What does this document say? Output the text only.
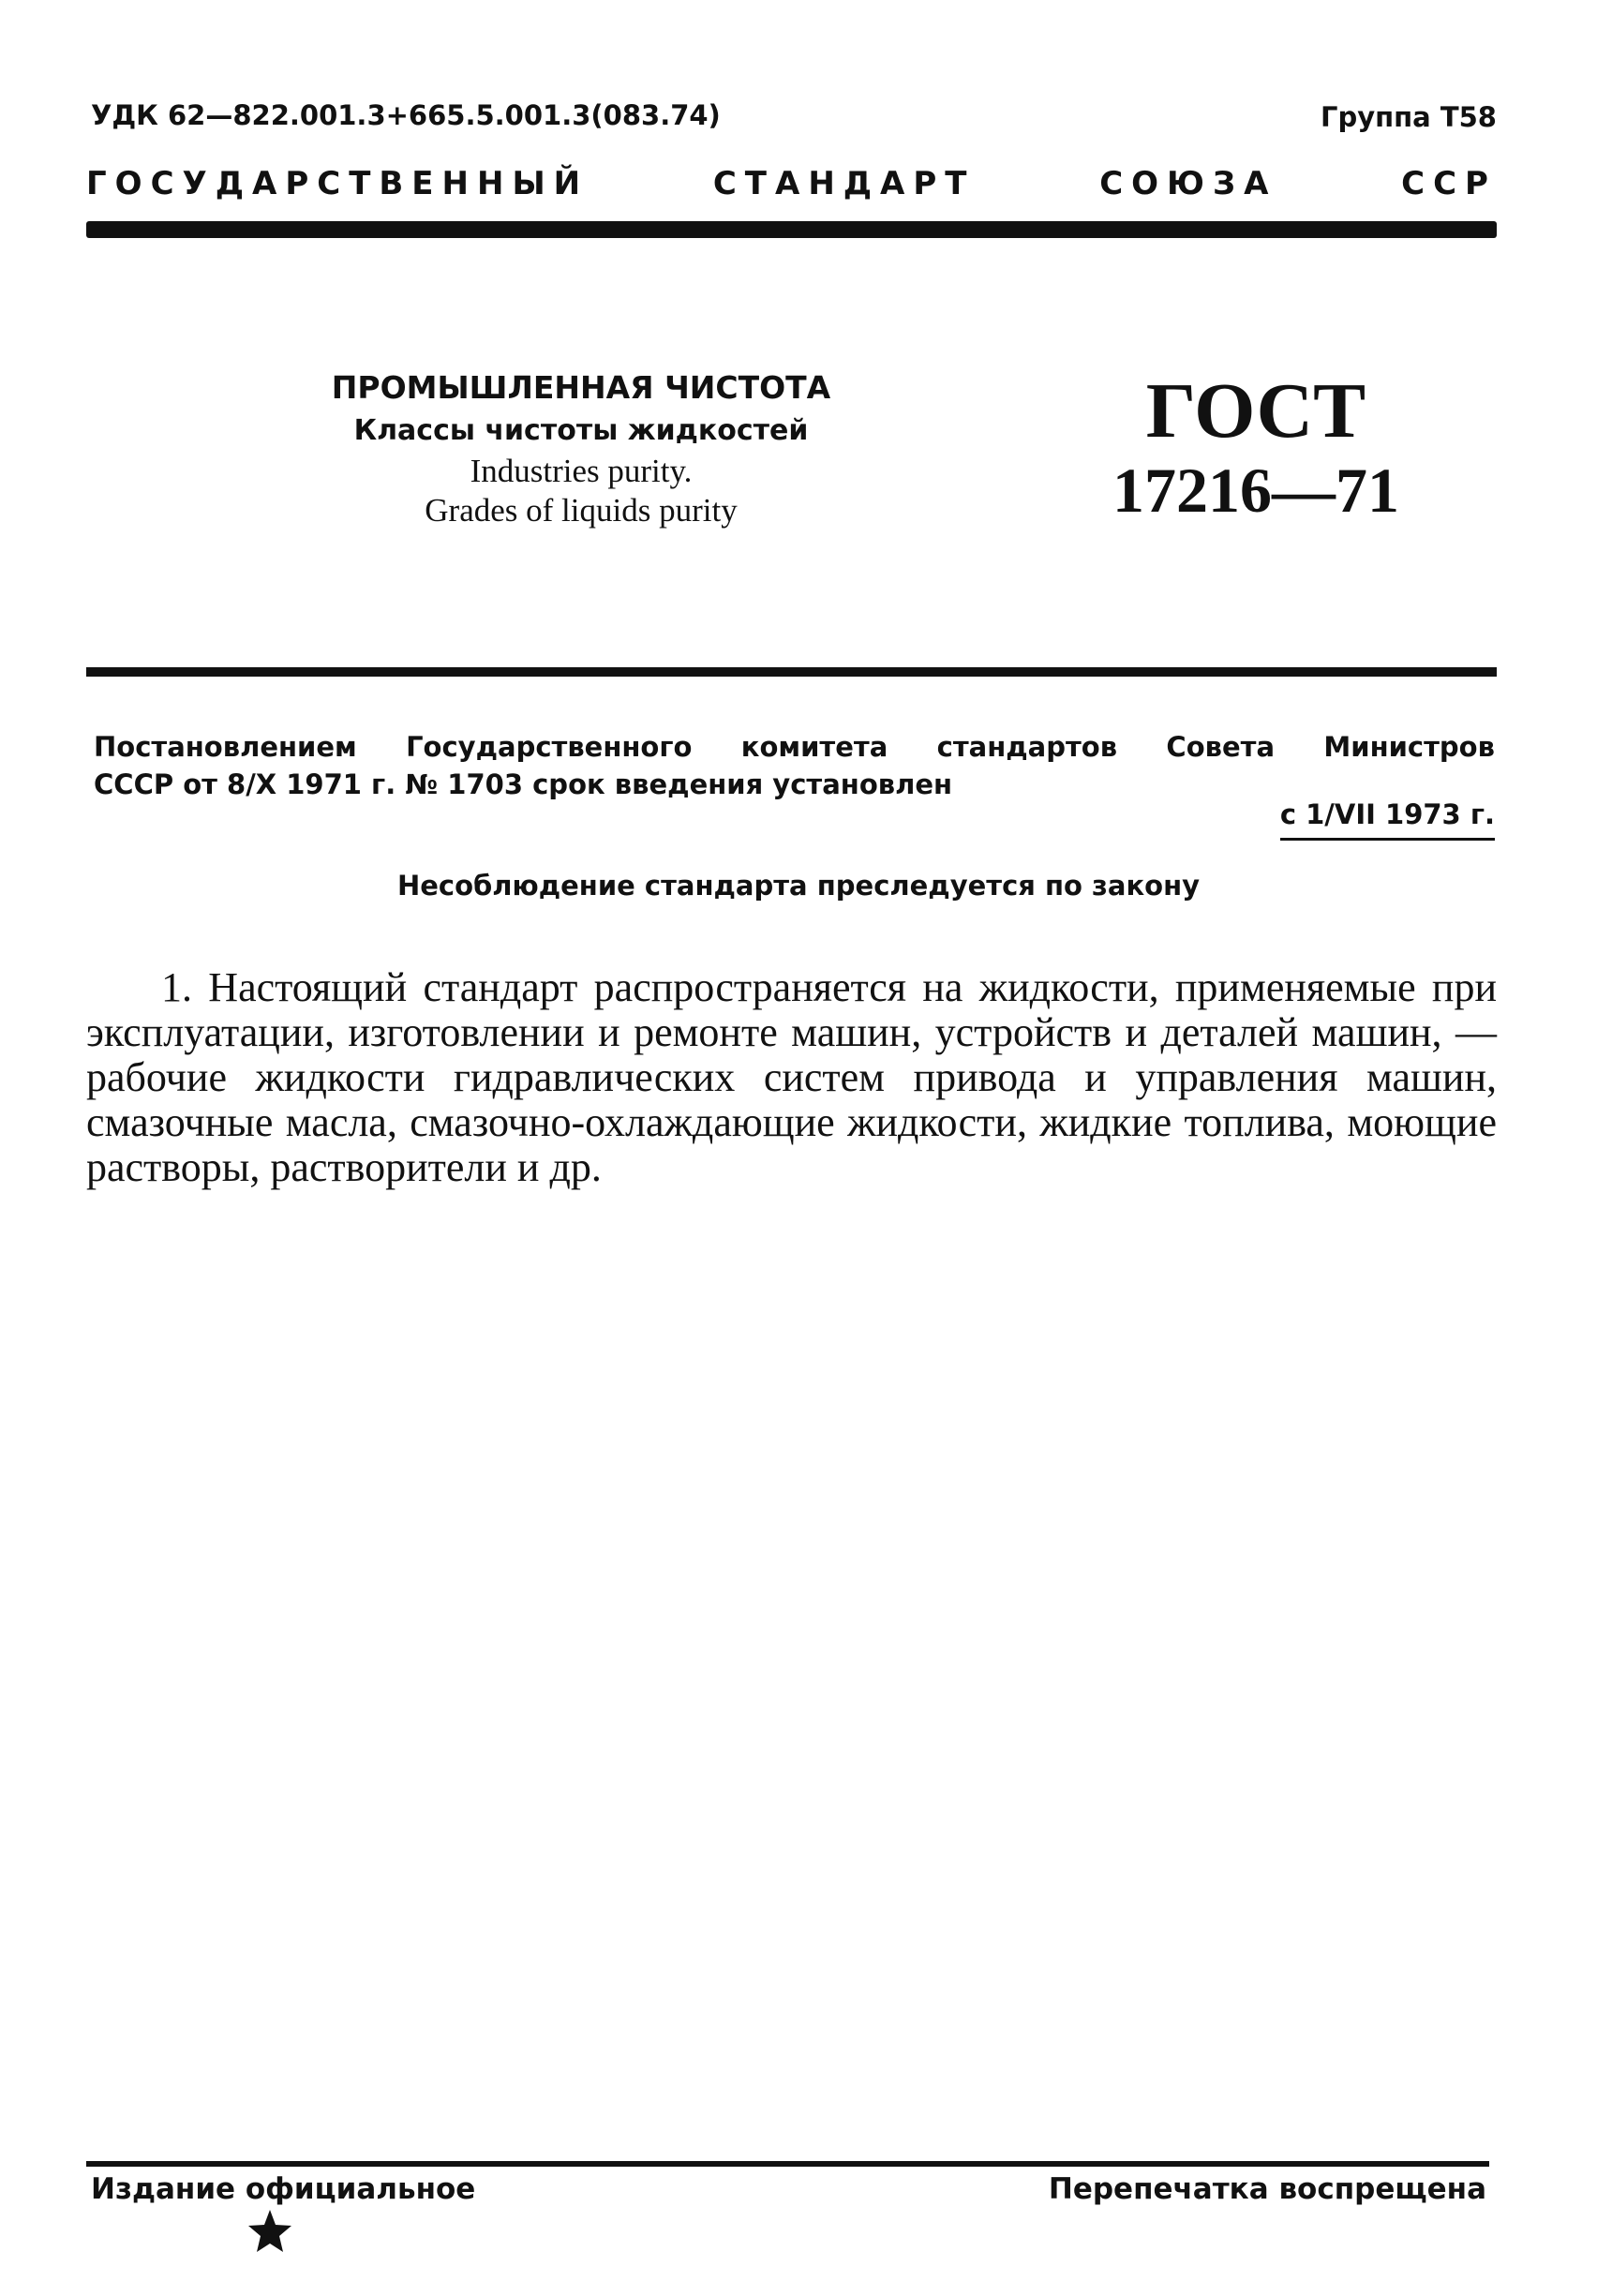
УДК 62—822.001.3+665.5.001.3(083.74)	Группа Т58
ГОСУДАРСТВЕННЫЙ	СТАНДАРТ	СОЮЗА	ССР
ПРОМЫШЛЕННАЯ ЧИСТОТА
Классы чистоты жидкостей
Industries purity.
Grades of liquids purity
ГОСТ
17216—71
Постановлением Государственного комитета стандартов Совета Министров
СССР от 8/X 1971 г. № 1703 срок введения установлен
с 1/VII 1973 г.
Несоблюдение стандарта преследуется по закону
1. Настоящий стандарт распространяется на жидкости, применяемые при эксплуатации, изготовлении и ремонте машин, устройств и деталей машин, — рабочие жидкости гидравлических систем привода и управления машин, смазочные масла, смазочно-охлаждающие жидкости, жидкие топлива, моющие растворы, растворители и др.
Издание официальное	Перепечатка воспрещена
